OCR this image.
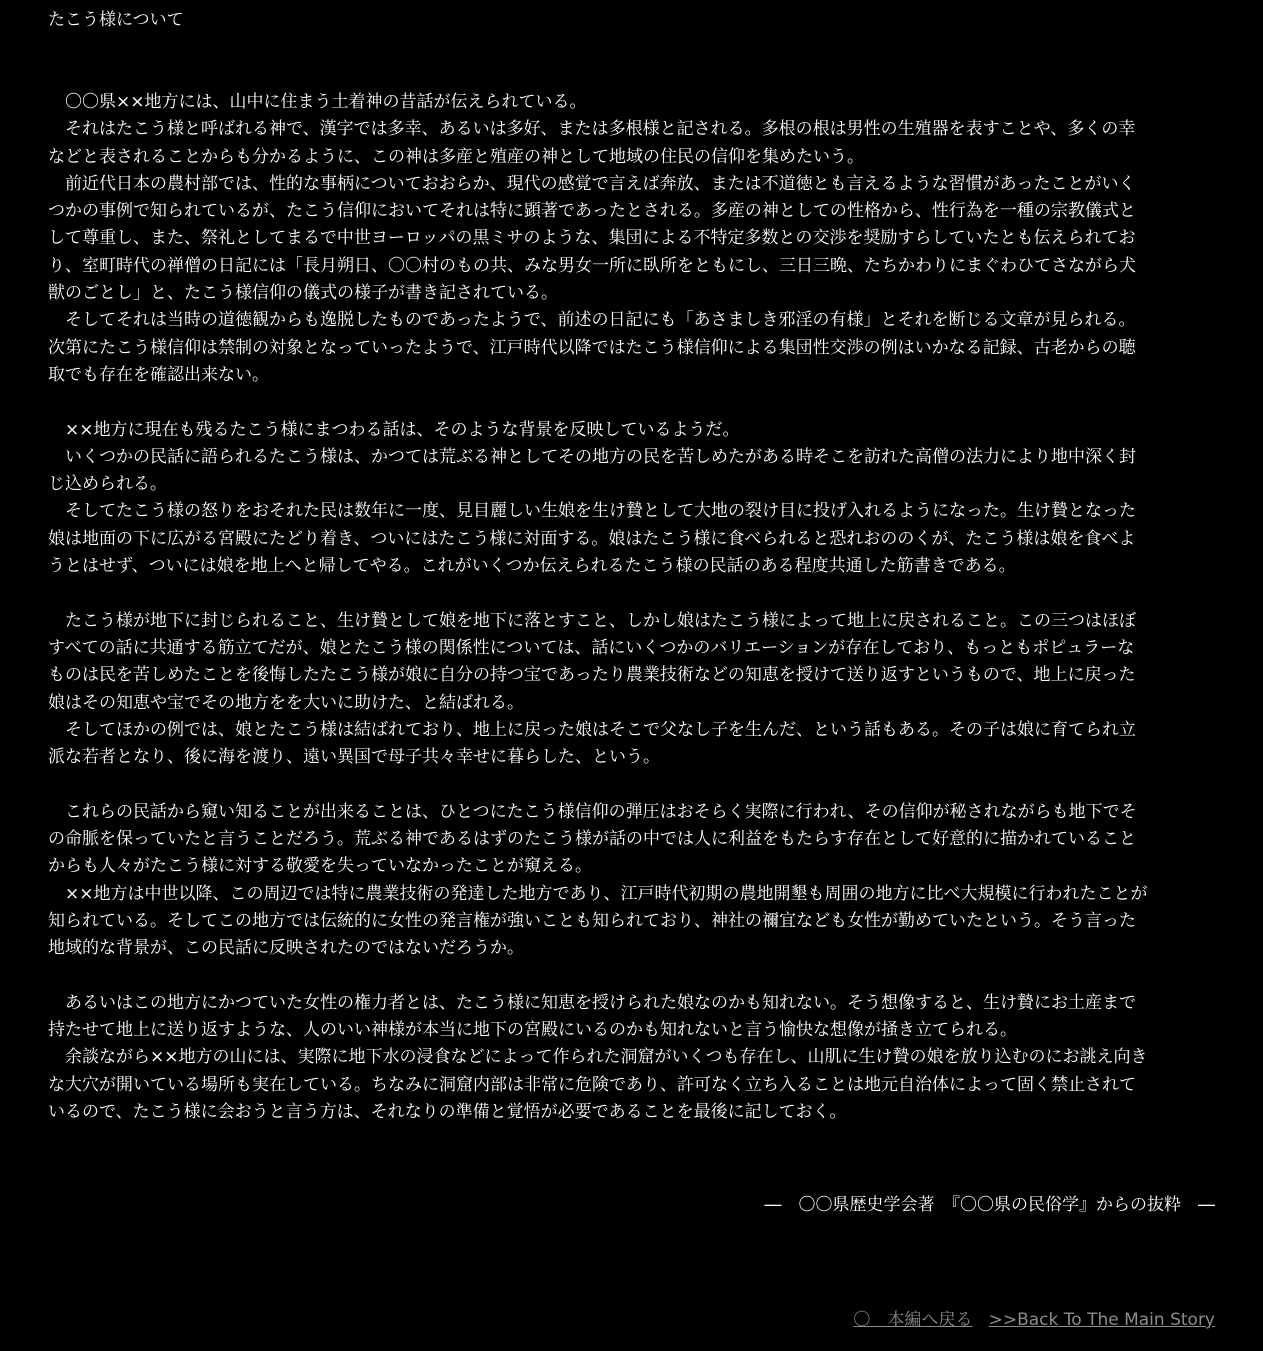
たこう様について
　〇〇県××地方には、山中に住まう土着神の昔話が伝えられている。
　それはたこう様と呼ばれる神で、漢字では多幸、あるいは多好、または多根様と記される。多根の根は男性の生殖器を表すことや、多くの幸
などと表されることからも分かるように、この神は多産と殖産の神として地域の住民の信仰を集めたいう。
　前近代日本の農村部では、性的な事柄についておおらか、現代の感覚で言えば奔放、または不道徳とも言えるような習慣があったことがいく
つかの事例で知られているが、たこう信仰においてそれは特に顕著であったとされる。多産の神としての性格から、性行為を一種の宗教儀式と
して尊重し、また、祭礼としてまるで中世ヨーロッパの黒ミサのような、集団による不特定多数との交渉を奨励すらしていたとも伝えられてお
り、室町時代の禅僧の日記には「長月朔日、〇〇村のもの共、みな男女一所に臥所をともにし、三日三晩、たちかわりにまぐわひてさながら犬
獣のごとし」と、たこう様信仰の儀式の様子が書き記されている。
　そしてそれは当時の道徳観からも逸脱したものであったようで、前述の日記にも「あさましき邪淫の有様」とそれを断じる文章が見られる。
次第にたこう様信仰は禁制の対象となっていったようで、江戸時代以降ではたこう様信仰による集団性交渉の例はいかなる記録、古老からの聴
取でも存在を確認出来ない。
　××地方に現在も残るたこう様にまつわる話は、そのような背景を反映しているようだ。
　いくつかの民話に語られるたこう様は、かつては荒ぶる神としてその地方の民を苦しめたがある時そこを訪れた高僧の法力により地中深く封
じ込められる。
　そしてたこう様の怒りをおそれた民は数年に一度、見目麗しい生娘を生け贄として大地の裂け目に投げ入れるようになった。生け贄となった
娘は地面の下に広がる宮殿にたどり着き、ついにはたこう様に対面する。娘はたこう様に食べられると恐れおののくが、たこう様は娘を食べよ
うとはせず、ついには娘を地上へと帰してやる。これがいくつか伝えられるたこう様の民話のある程度共通した筋書きである。
　たこう様が地下に封じられること、生け贄として娘を地下に落とすこと、しかし娘はたこう様によって地上に戻されること。この三つはほぼ
すべての話に共通する筋立てだが、娘とたこう様の関係性については、話にいくつかのバリエーションが存在しており、もっともポピュラーな
ものは民を苦しめたことを後悔したたこう様が娘に自分の持つ宝であったり農業技術などの知恵を授けて送り返すというもので、地上に戻った
娘はその知恵や宝でその地方をを大いに助けた、と結ばれる。
　そしてほかの例では、娘とたこう様は結ばれており、地上に戻った娘はそこで父なし子を生んだ、という話もある。その子は娘に育てられ立
派な若者となり、後に海を渡り、遠い異国で母子共々幸せに暮らした、という。
　これらの民話から窺い知ることが出来ることは、ひとつにたこう様信仰の弾圧はおそらく実際に行われ、その信仰が秘されながらも地下でそ
の命脈を保っていたと言うことだろう。荒ぶる神であるはずのたこう様が話の中では人に利益をもたらす存在として好意的に描かれていること
からも人々がたこう様に対する敬愛を失っていなかったことが窺える。
　××地方は中世以降、この周辺では特に農業技術の発達した地方であり、江戸時代初期の農地開墾も周囲の地方に比べ大規模に行われたことが
知られている。そしてこの地方では伝統的に女性の発言権が強いことも知られており、神社の禰宜なども女性が勤めていたという。そう言った
地域的な背景が、この民話に反映されたのではないだろうか。
　あるいはこの地方にかつていた女性の権力者とは、たこう様に知恵を授けられた娘なのかも知れない。そう想像すると、生け贄にお土産まで
持たせて地上に送り返すような、人のいい神様が本当に地下の宮殿にいるのかも知れないと言う愉快な想像が掻き立てられる。
　余談ながら××地方の山には、実際に地下水の浸食などによって作られた洞窟がいくつも存在し、山肌に生け贄の娘を放り込むのにお誂え向き
な大穴が開いている場所も実在している。ちなみに洞窟内部は非常に危険であり、許可なく立ち入ることは地元自治体によって固く禁止されて
いるので、たこう様に会おうと言う方は、それなりの準備と覚悟が必要であることを最後に記しておく。
―　〇〇県歴史学会著　『〇〇県の民俗学』からの抜粋　―
〇　本編へ戻る >>Back To The Main Story
